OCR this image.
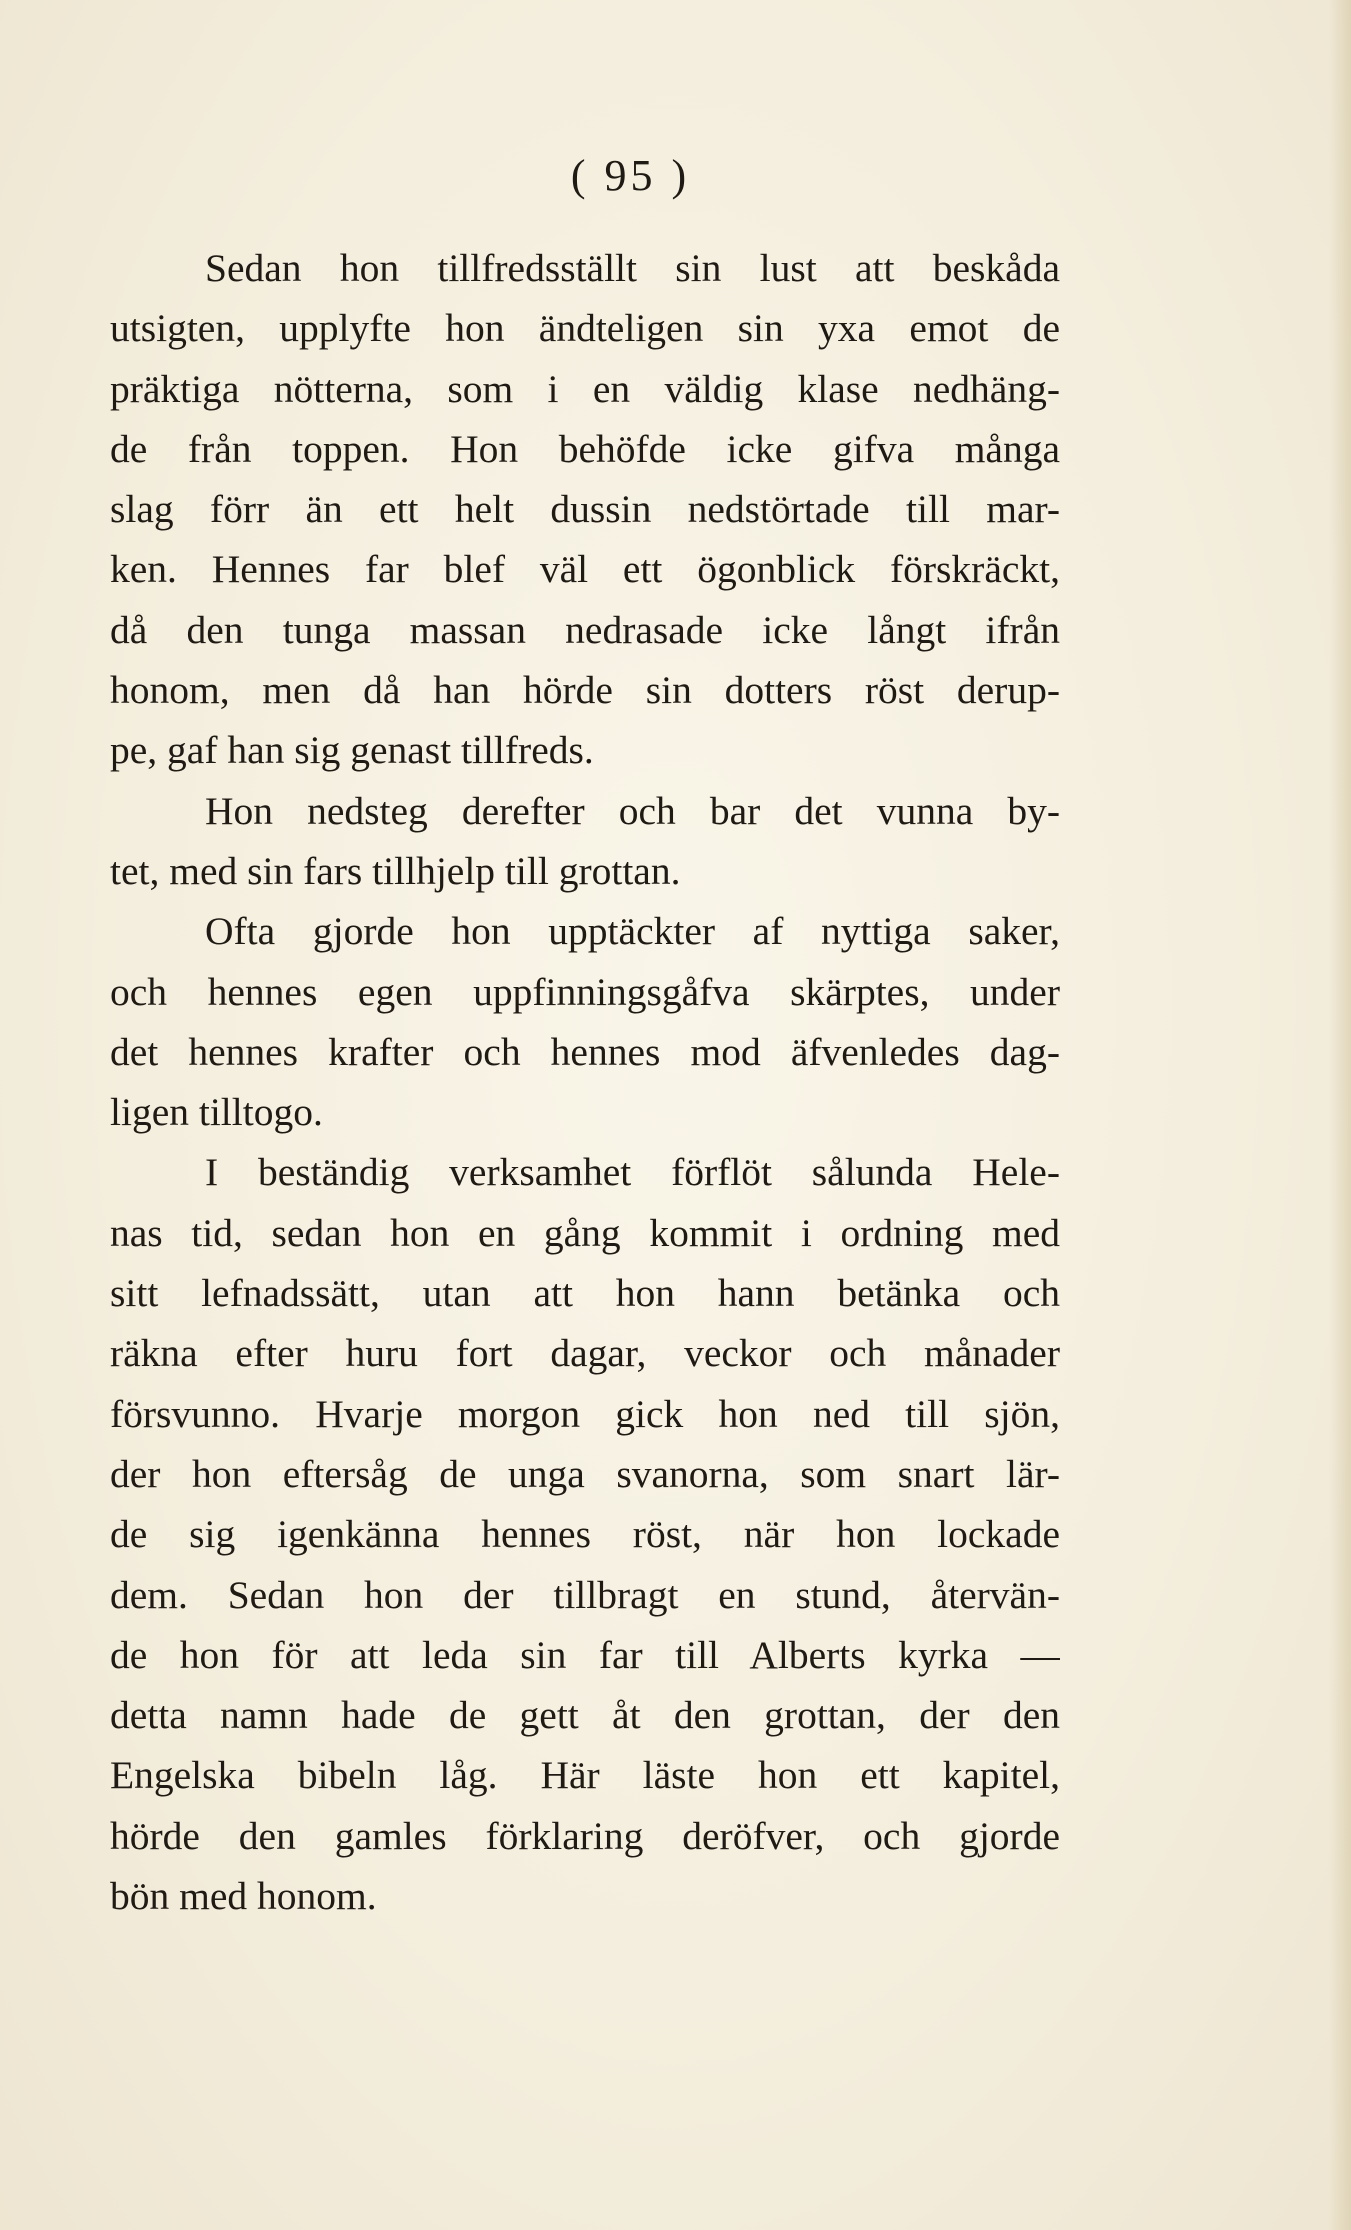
( 95 )
Sedan hon tillfredsställt sin lust att beskåda
utsigten, upplyfte hon ändteligen sin yxa emot de
präktiga nötterna, som i en väldig klase nedhäng-
de från toppen. Hon behöfde icke gifva många
slag förr än ett helt dussin nedstörtade till mar-
ken. Hennes far blef väl ett ögonblick förskräckt,
då den tunga massan nedrasade icke långt ifrån
honom, men då han hörde sin dotters röst derup-
pe, gaf han sig genast tillfreds.
Hon nedsteg derefter och bar det vunna by-
tet, med sin fars tillhjelp till grottan.
Ofta gjorde hon upptäckter af nyttiga saker,
och hennes egen uppfinningsgåfva skärptes, under
det hennes krafter och hennes mod äfvenledes dag-
ligen tilltogo.
I beständig verksamhet förflöt sålunda Hele-
nas tid, sedan hon en gång kommit i ordning med
sitt lefnadssätt, utan att hon hann betänka och
räkna efter huru fort dagar, veckor och månader
försvunno. Hvarje morgon gick hon ned till sjön,
der hon eftersåg de unga svanorna, som snart lär-
de sig igenkänna hennes röst, när hon lockade
dem. Sedan hon der tillbragt en stund, återvän-
de hon för att leda sin far till Alberts kyrka —
detta namn hade de gett åt den grottan, der den
Engelska bibeln låg. Här läste hon ett kapitel,
hörde den gamles förklaring deröfver, och gjorde
bön med honom.
